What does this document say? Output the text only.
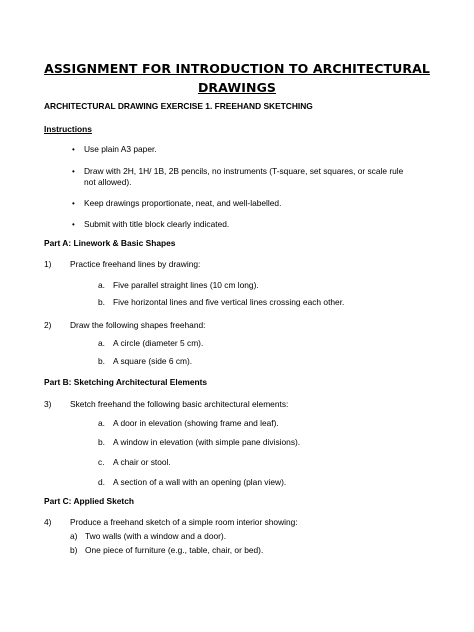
ASSIGNMENT FOR INTRODUCTION TO ARCHITECTURAL
DRAWINGS
ARCHITECTURAL DRAWING EXERCISE 1. FREEHAND SKETCHING
Instructions
• Use plain A3 paper.
• Draw with 2H, 1H/ 1B, 2B pencils, no instruments (T-square, set squares, or scale rule not allowed).
• Keep drawings proportionate, neat, and well-labelled.
• Submit with title block clearly indicated.
Part A: Linework & Basic Shapes
1) Practice freehand lines by drawing:
a. Five parallel straight lines (10 cm long).
b. Five horizontal lines and five vertical lines crossing each other.
2) Draw the following shapes freehand:
a. A circle (diameter 5 cm).
b. A square (side 6 cm).
Part B: Sketching Architectural Elements
3) Sketch freehand the following basic architectural elements:
a. A door in elevation (showing frame and leaf).
b. A window in elevation (with simple pane divisions).
c. A chair or stool.
d. A section of a wall with an opening (plan view).
Part C: Applied Sketch
4) Produce a freehand sketch of a simple room interior showing:
a) Two walls (with a window and a door).
b) One piece of furniture (e.g., table, chair, or bed).
